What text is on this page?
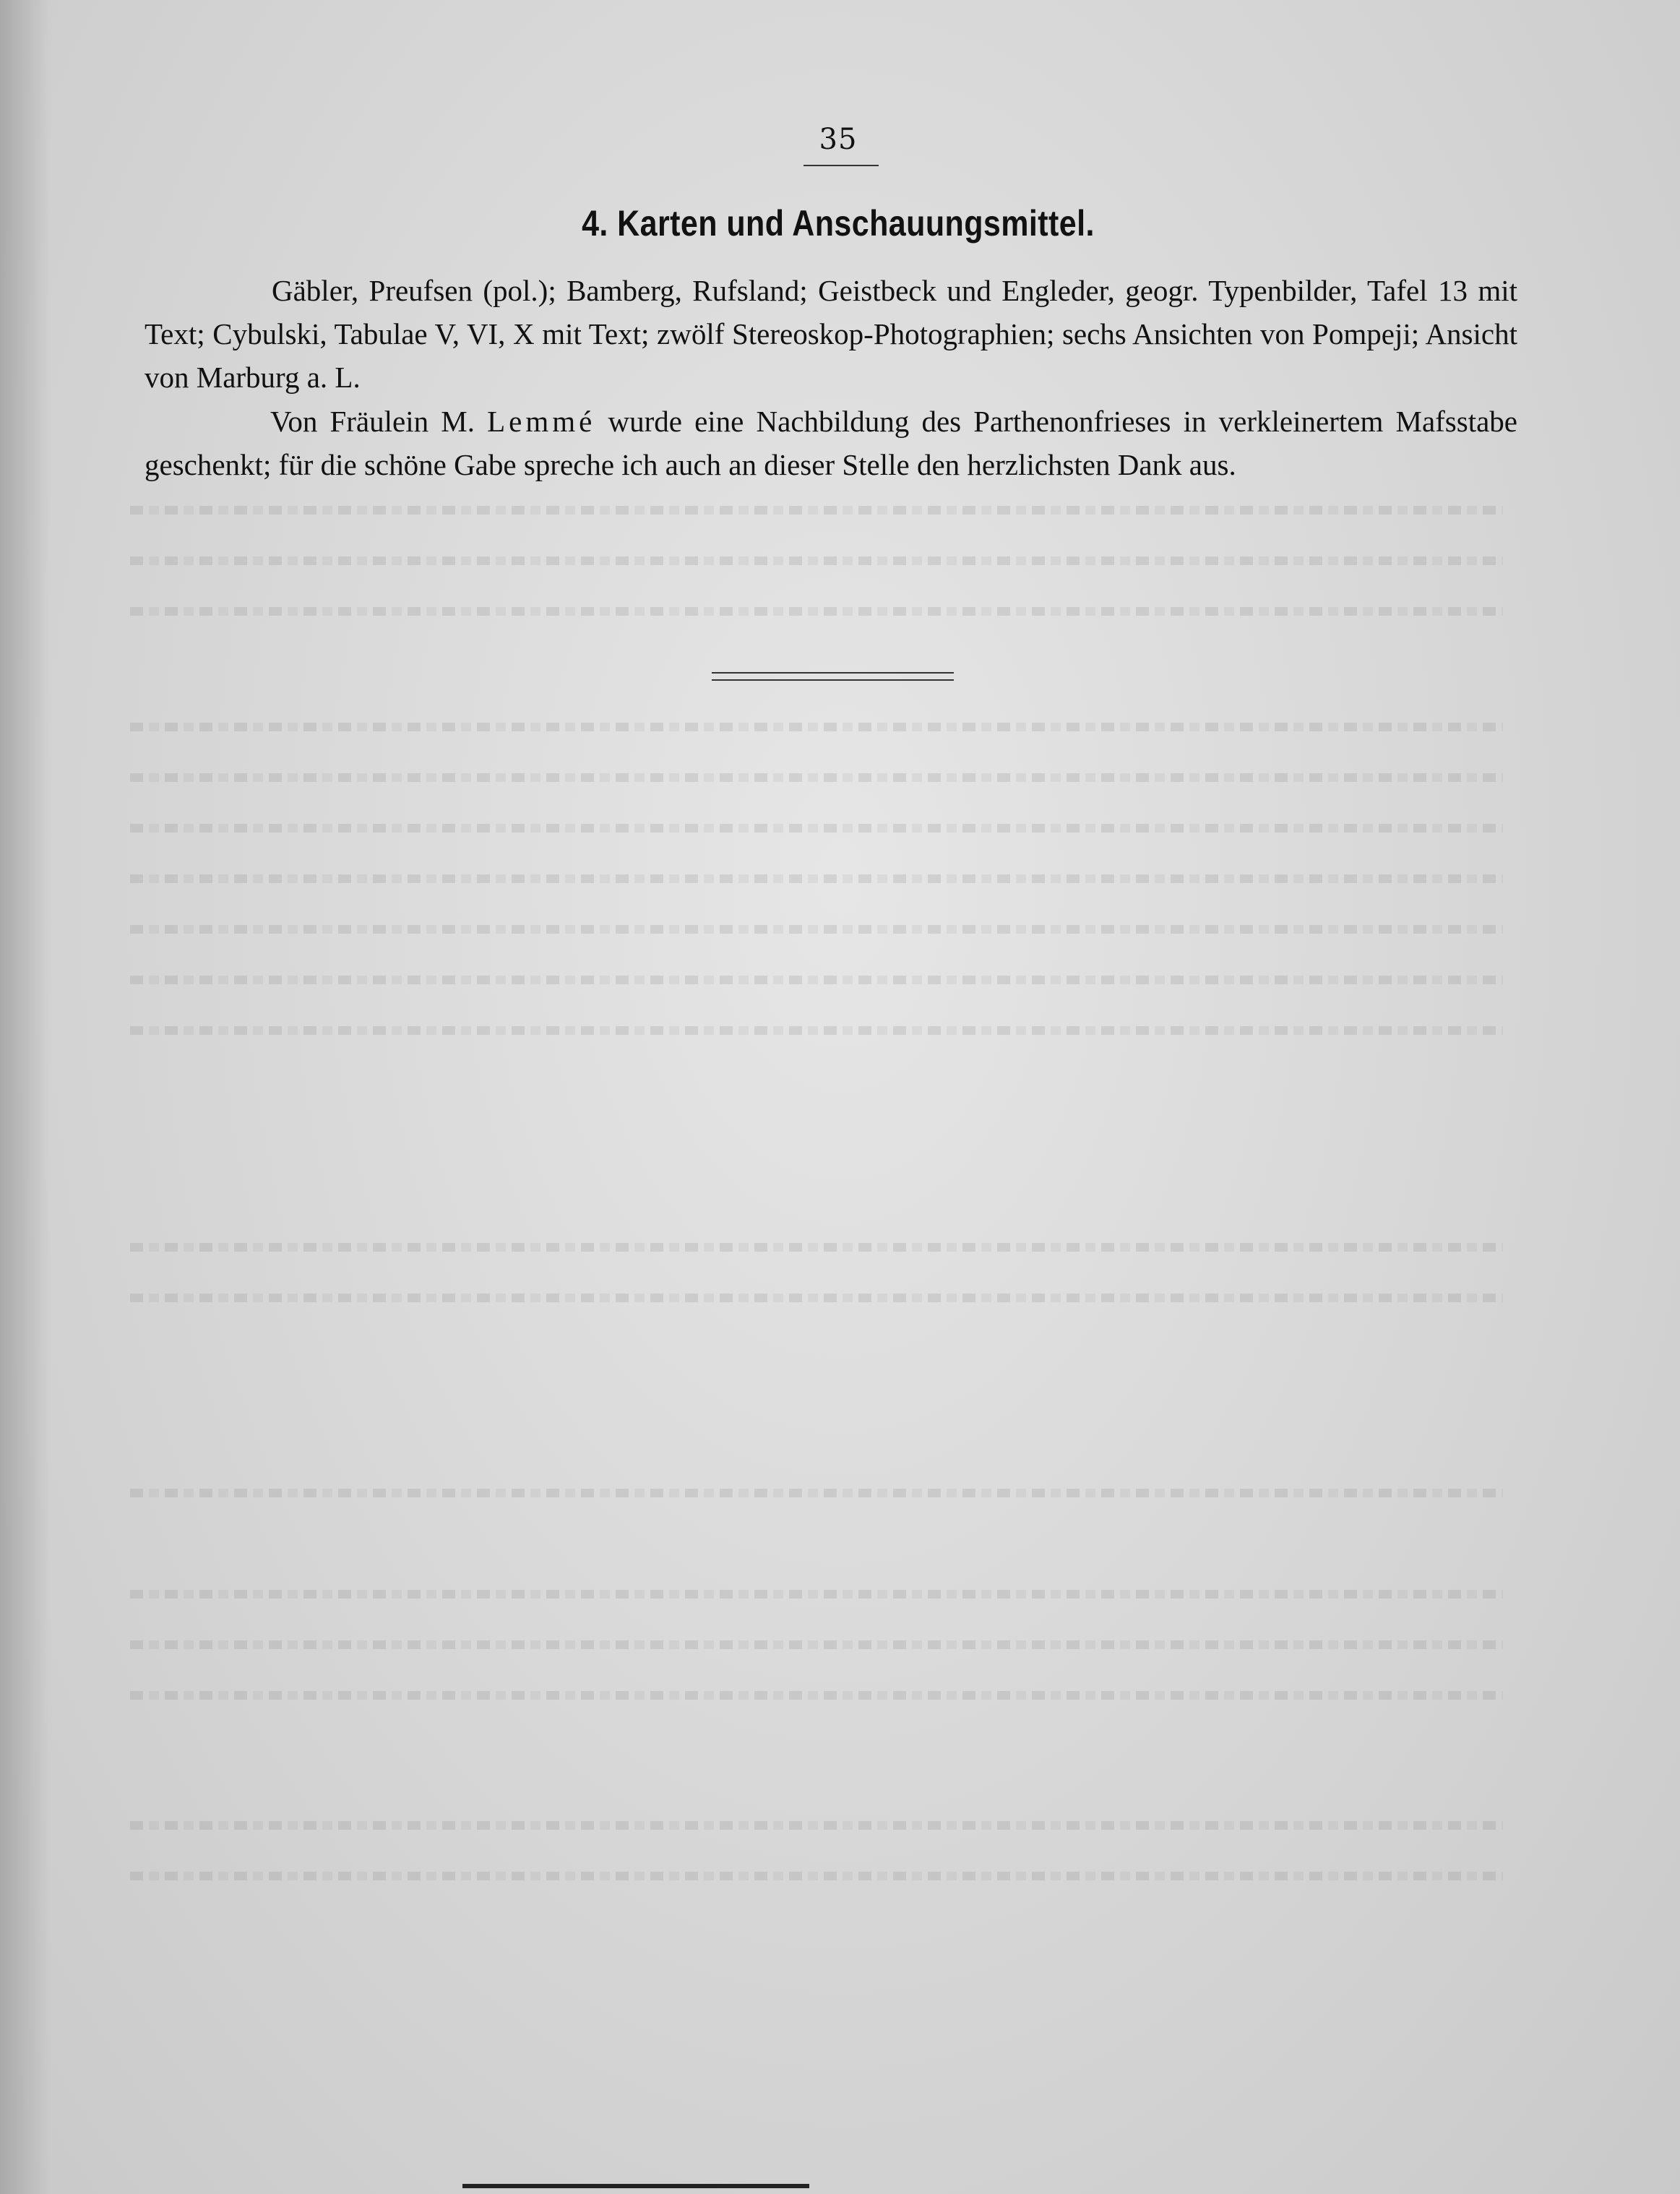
35
4. Karten und Anschauungsmittel.
Gäbler, Preufsen (pol.); Bamberg, Rufsland; Geistbeck und Engleder, geogr. Typenbilder, Tafel 13 mit Text; Cybulski, Tabulae V, VI, X mit Text; zwölf Stereoskop-Photographien; sechs Ansichten von Pompeji; Ansicht von Marburg a. L.
Von Fräulein M. Lemmé wurde eine Nachbildung des Parthenonfrieses in verkleinertem Mafsstabe geschenkt; für die schöne Gabe spreche ich auch an dieser Stelle den herzlichsten Dank aus.
